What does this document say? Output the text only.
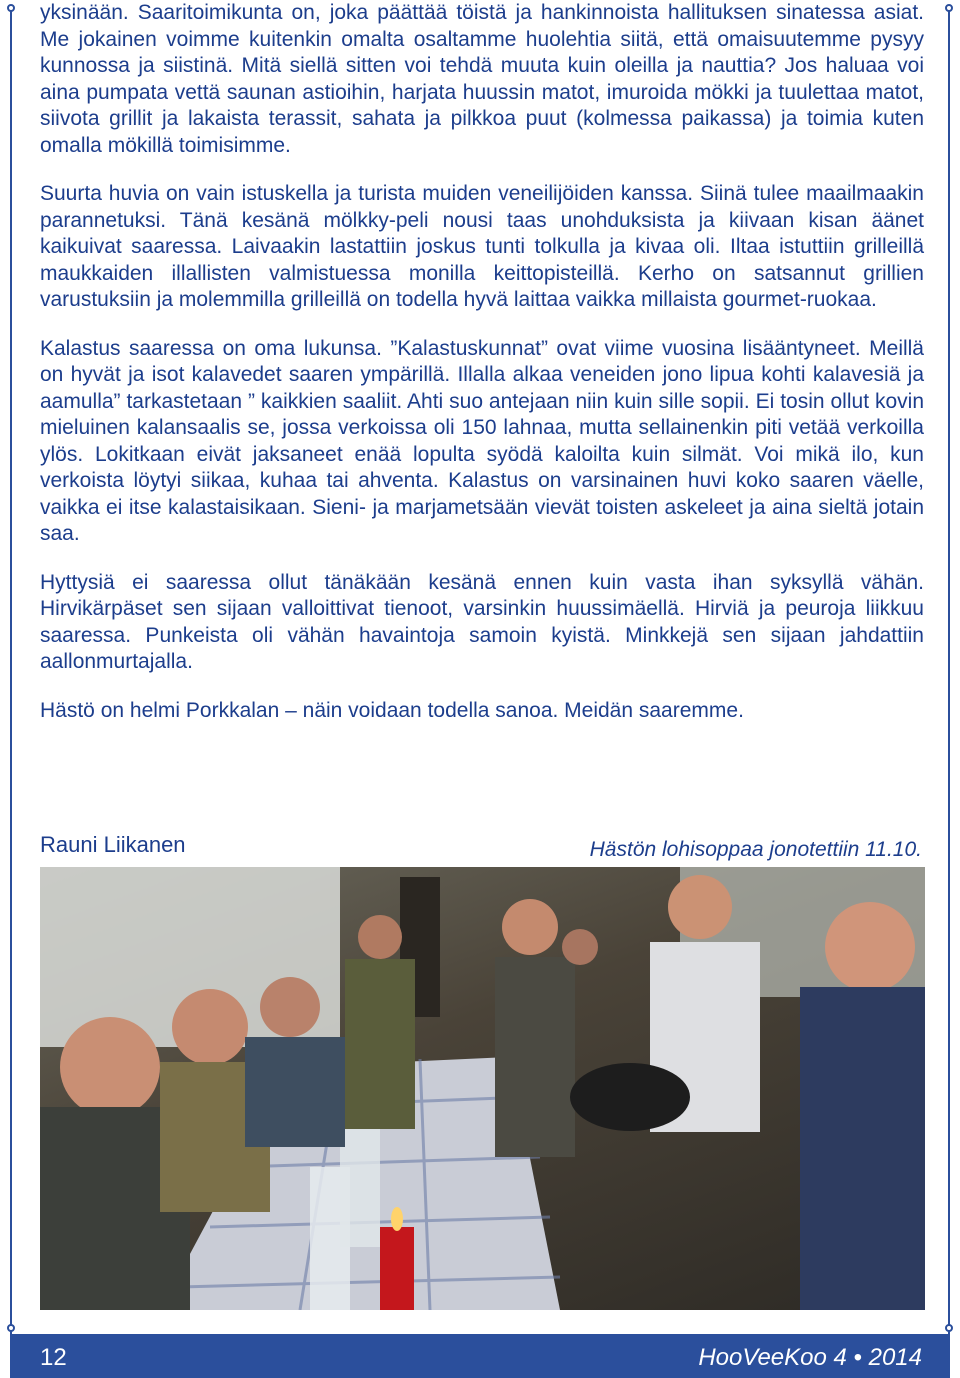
yksinään. Saaritoimikunta on, joka päättää töistä ja hankinnoista hallituksen sinatessa asiat. Me jokainen voimme kuitenkin omalta osaltamme huolehtia siitä, että omaisuutemme pysyy kunnossa ja siistinä. Mitä siellä sitten voi tehdä muuta kuin oleilla ja nauttia? Jos haluaa voi aina pumpata vettä saunan astioihin, harjata huussin matot, imuroida mökki ja tuulettaa matot, siivota grillit ja lakaista terassit, sahata ja pilkkoa puut (kolmessa paikassa) ja toimia kuten omalla mökillä toimisimme.

Suurta huvia on vain istuskella ja turista muiden veneilijöiden kanssa. Siinä tulee maailmaakin parannetuksi. Tänä kesänä mölkky-peli nousi taas unohduksista ja kiivaan kisan äänet kaikuivat saaressa. Laivaakin lastattiin joskus tunti tolkulla ja kivaa oli. Iltaa istuttiin grilleillä maukkaiden illallisten valmistuessa monilla keittopisteillä. Kerho on satsannut grillien varustuksiin ja molemmilla grilleillä on todella hyvä laittaa vaikka millaista gourmet-ruokaa.

Kalastus saaressa on oma lukunsa. ”Kalastuskunnat” ovat viime vuosina lisääntyneet. Meillä on hyvät ja isot kalavedet saaren ympärillä. Illalla alkaa veneiden jono lipua kohti kalavesiä ja aamulla” tarkastetaan ” kaikkien saaliit. Ahti suo antejaan niin kuin sille sopii. Ei tosin ollut kovin mieluinen kalansaalis se, jossa verkoissa oli 150 lahnaa, mutta sellainenkin piti vetää verkoilla ylös. Lokitkaan eivät jaksaneet enää lopulta syödä kaloilta kuin silmät. Voi mikä ilo, kun verkoista löytyi siikaa, kuhaa tai ahventa. Kalastus on varsinainen huvi koko saaren väelle, vaikka ei itse kalastaisikaan. Sieni- ja marjametsään vievät toisten askeleet ja aina sieltä jotain saa.

Hyttysiä ei saaressa ollut tänäkään kesänä ennen kuin vasta ihan syksyllä vähän. Hirvikärpäset sen sijaan valloittivat tienoot, varsinkin huussimäellä. Hirviä ja peuroja liikkuu saaressa. Punkeista oli vähän havaintoja samoin kyistä. Minkkejä sen sijaan jahdattiin aallonmurtajalla.

Hästö on helmi Porkkalan – näin voidaan todella sanoa. Meidän saaremme.

Rauni Liikanen	Hästön lohisoppaa jonotettiin 11.10.
12	HooVeeKoo 4 • 2014
